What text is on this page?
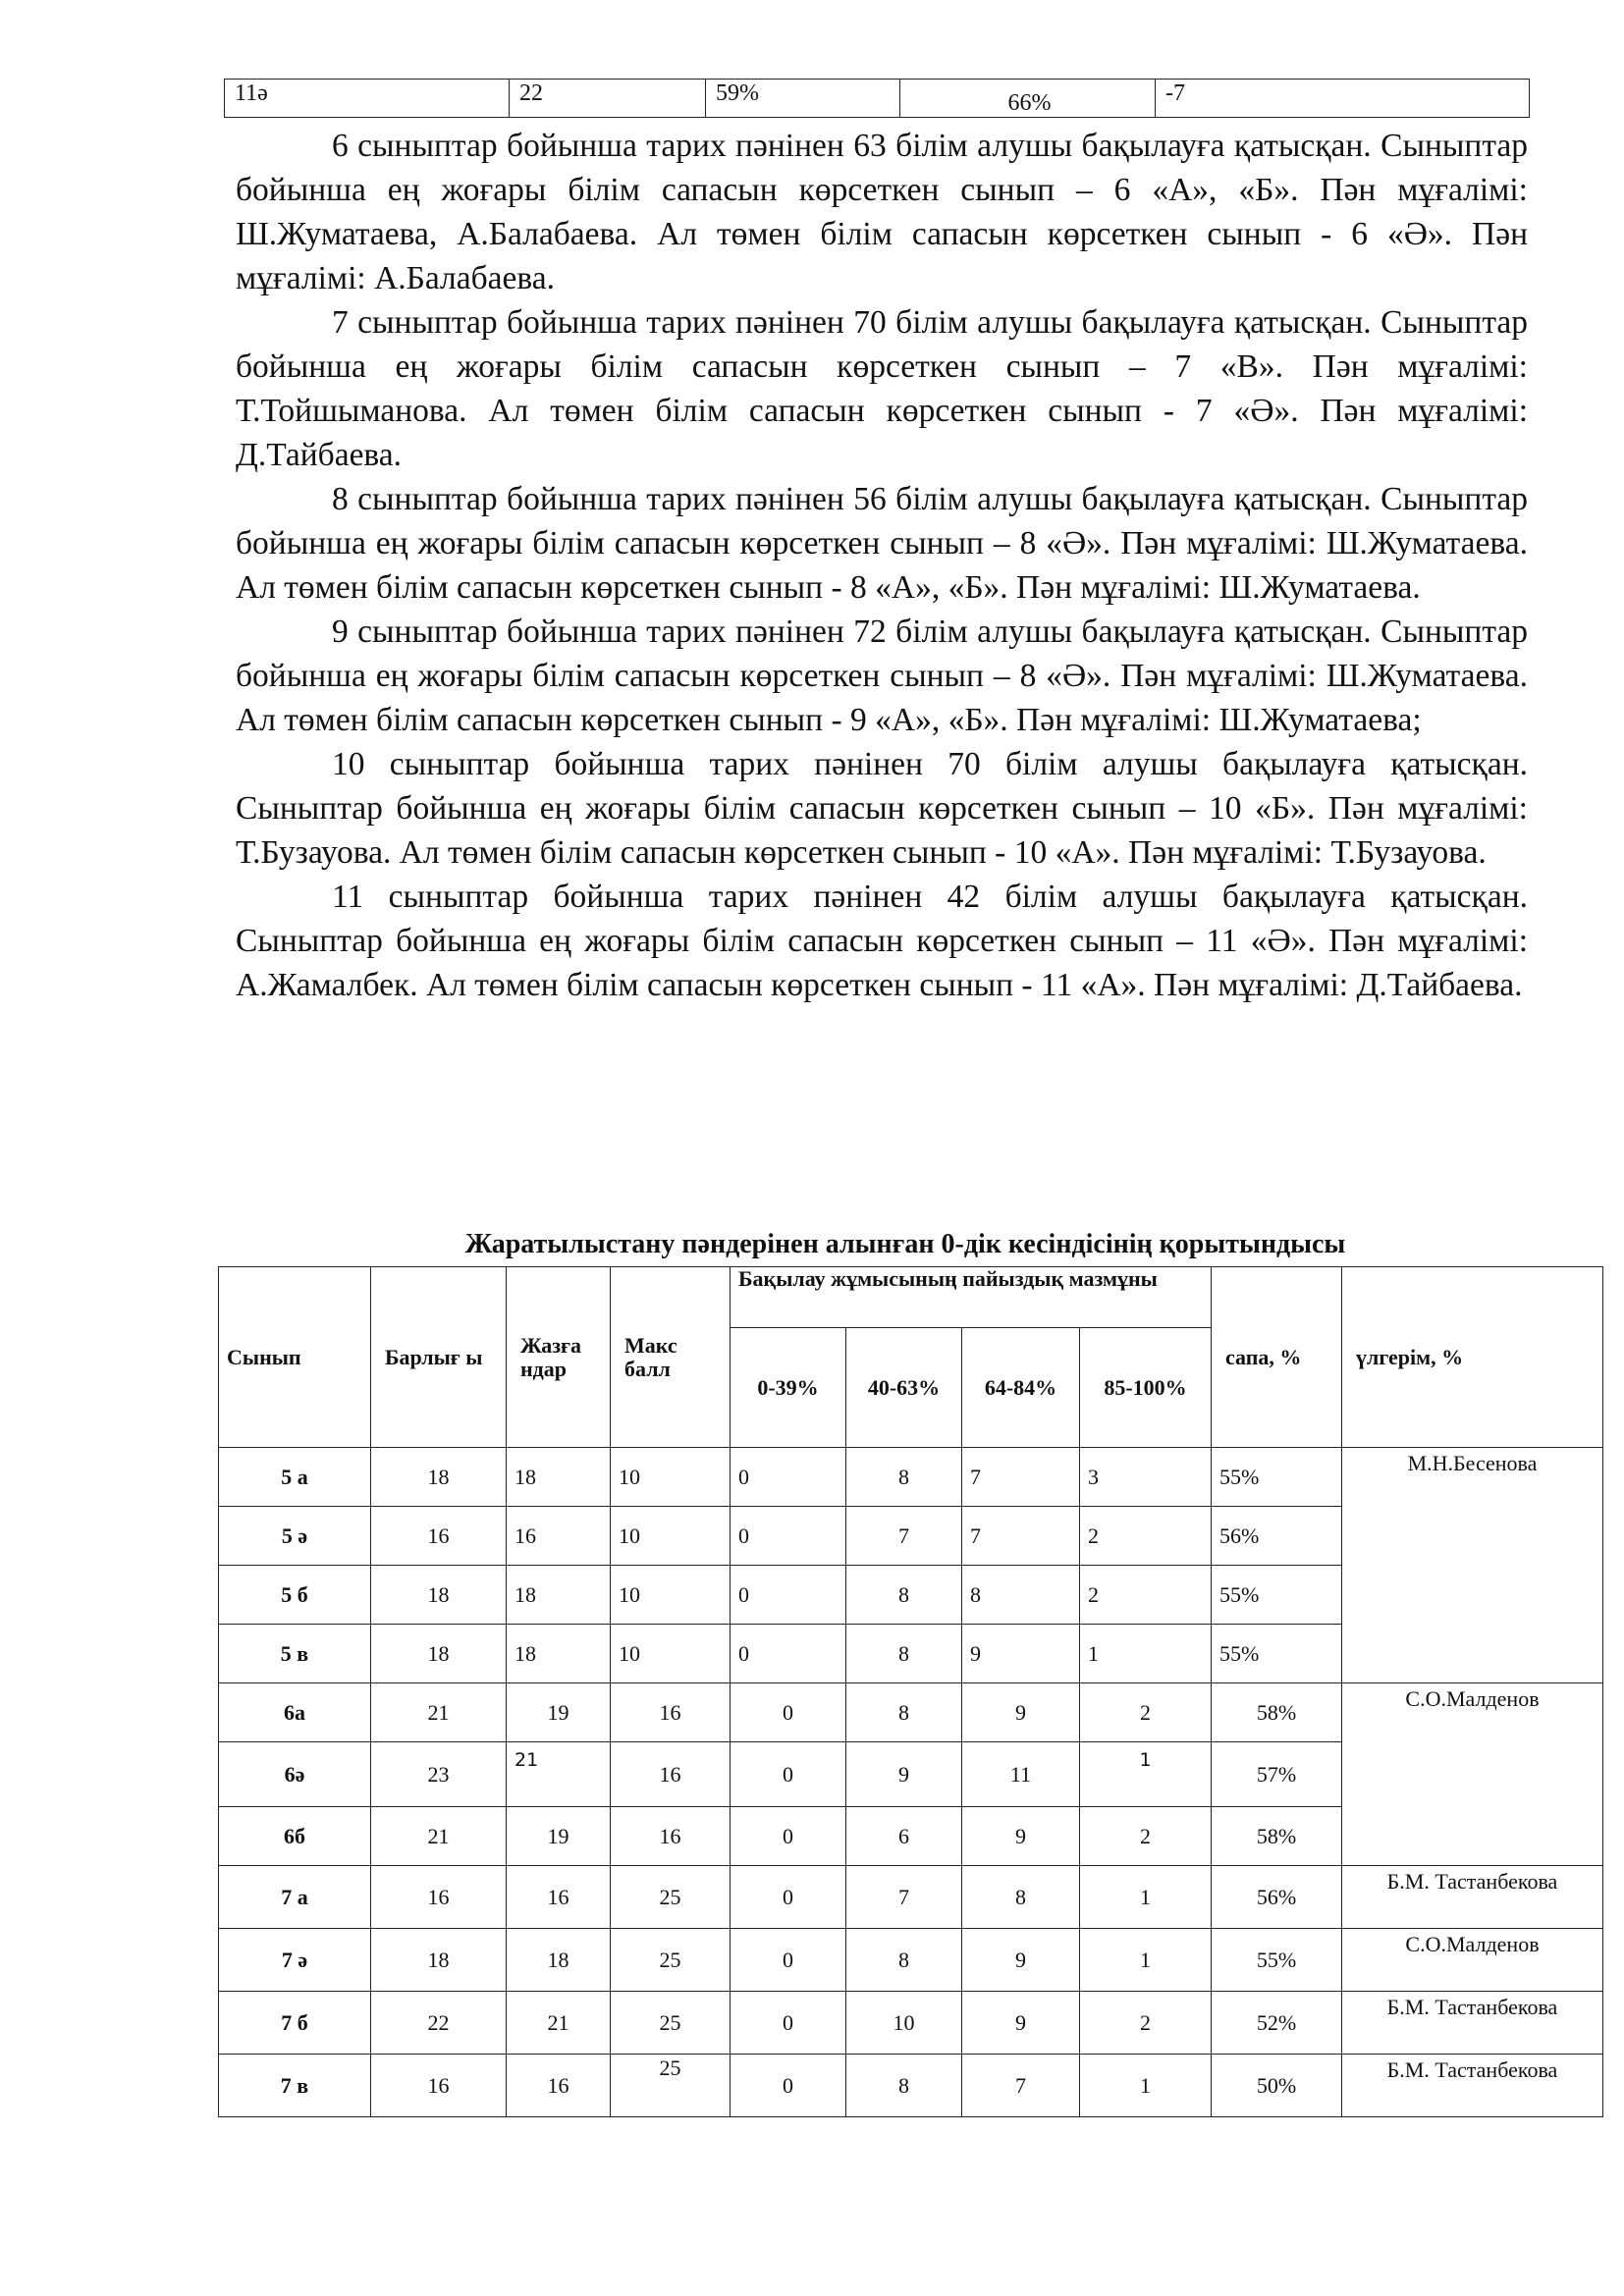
11ә	22	59%	66%	-7

6 сыныптар бойынша тарих пәнінен 63 білім алушы бақылауға қатысқан. Сыныптар бойынша ең жоғары білім сапасын көрсеткен сынып – 6 «А», «Б». Пән мұғалімі: Ш.Жуматаева, А.Балабаева. Ал төмен білім сапасын көрсеткен сынып - 6 «Ә». Пән мұғалімі: А.Балабаева.

7 сыныптар бойынша тарих пәнінен 70 білім алушы бақылауға қатысқан. Сыныптар бойынша ең жоғары білім сапасын көрсеткен сынып – 7 «В». Пән мұғалімі: Т.Тойшыманова. Ал төмен білім сапасын көрсеткен сынып - 7 «Ә». Пән мұғалімі: Д.Тайбаева.

8 сыныптар бойынша тарих пәнінен 56 білім алушы бақылауға қатысқан. Сыныптар бойынша ең жоғары білім сапасын көрсеткен сынып – 8 «Ә». Пән мұғалімі: Ш.Жуматаева. Ал төмен білім сапасын көрсеткен сынып - 8 «А», «Б». Пән мұғалімі: Ш.Жуматаева.

9 сыныптар бойынша тарих пәнінен 72 білім алушы бақылауға қатысқан. Сыныптар бойынша ең жоғары білім сапасын көрсеткен сынып – 8 «Ә». Пән мұғалімі: Ш.Жуматаева. Ал төмен білім сапасын көрсеткен сынып - 9 «А», «Б». Пән мұғалімі: Ш.Жуматаева;

10 сыныптар бойынша тарих пәнінен 70 білім алушы бақылауға қатысқан. Сыныптар бойынша ең жоғары білім сапасын көрсеткен сынып – 10 «Б». Пән мұғалімі: Т.Бузауова. Ал төмен білім сапасын көрсеткен сынып - 10 «А». Пән мұғалімі: Т.Бузауова.

11 сыныптар бойынша тарих пәнінен 42 білім алушы бақылауға қатысқан. Сыныптар бойынша ең жоғары білім сапасын көрсеткен сынып – 11 «Ә». Пән мұғалімі: А.Жамалбек. Ал төмен білім сапасын көрсеткен сынып - 11 «А». Пән мұғалімі: Д.Тайбаева.

Жаратылыстану пәндерінен алынған 0-дік кесіндісінің қорытындысы
Сынып	Барлығ ы	Жазға ндар	Макс балл	Бақылау жұмысының пайыздық мазмұны				сапа, %	үлгерім, %
				0-39%	40-63%	64-84%	85-100%		
5 а	18	18	10	0	8	7	3	55%	М.Н.Бесенова
5 ә	16	16	10	0	7	7	2	56%	
5 б	18	18	10	0	8	8	2	55%	
5 в	18	18	10	0	8	9	1	55%	
6а	21	19	16	0	8	9	2	58%	С.О.Малденов
6ә	23	21	16	0	9	11	1	57%	
6б	21	19	16	0	6	9	2	58%	
7 а	16	16	25	0	7	8	1	56%	Б.М. Тастанбекова
7 ә	18	18	25	0	8	9	1	55%	С.О.Малденов
7 б	22	21	25	0	10	9	2	52%	Б.М. Тастанбекова
7 в	16	16	25	0	8	7	1	50%	Б.М. Тастанбекова
